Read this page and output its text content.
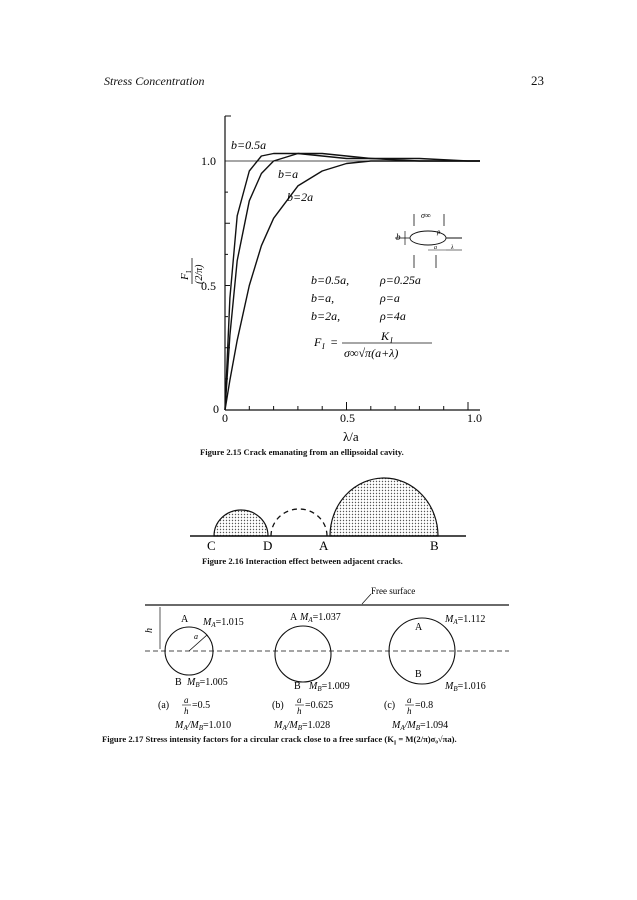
Stress Concentration	23
0
0.5
1.0
0	0.5	1.0
λ/a
F
I (2/π)
b=0.5a
b=a
b=2a
b
σ∞
ρ
a λ
b=0.5a,	ρ=0.25a
b=a,	ρ=a
b=2a,	ρ=4a
F I =	K I
σ∞√π(a+λ)
Figure 2.15 Crack emanating from an ellipsoidal cavity.
C	D	A	B
Figure 2.16 Interaction effect between adjacent cracks.
Free surface
h
a
A $M_A=1.015$
B $M_B=1.005$
(a) a
h =0.5
$M_A/M_B=1.010$
A $M_A=1.037$
B $M_B=1.009$
(b) a
h =0.625
$M_A/M_B=1.028$
A
$M_A=1.112$
B
$M_B=1.016$
(c) a
h =0.8
$M_A/M_B=1.094$
Figure 2.17 Stress intensity factors for a circular crack close to a free surface $(K_I = M(2/\pi)\sigma_0√\pi a)$.
